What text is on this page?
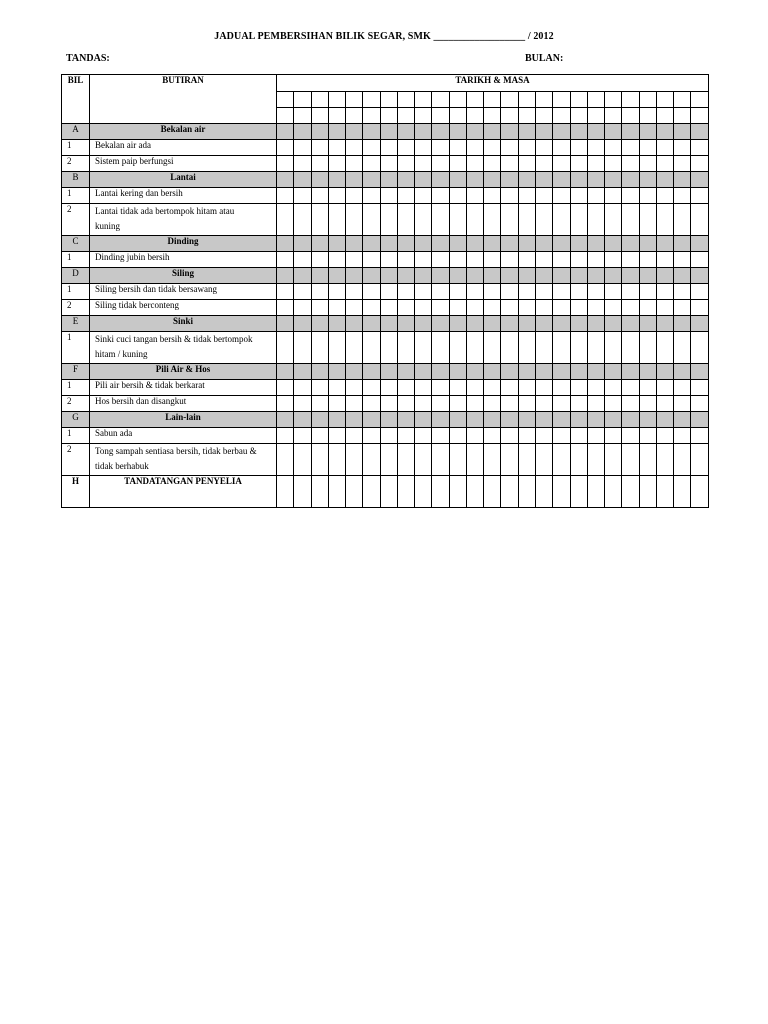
JADUAL PEMBERSIHAN BILIK SEGAR, SMK __________________ / 2012
TANDAS:	BULAN:
BIL	BUTIRAN	TARIKH & MASA																								

A	Bekalan air																									
1	Bekalan air ada																									
2	Sistem paip berfungsi																									
B	Lantai																									
1	Lantai kering dan bersih																									
2	Lantai tidak ada bertompok hitam atau
kuning																									

C	Dinding																									
1	Dinding jubin bersih																									
D	Siling																									
1	Siling bersih dan tidak bersawang																									
2	Siling tidak berconteng																									
E	Sinki																									
1	Sinki cuci tangan bersih & tidak bertompok
hitam / kuning																									

F	Pili Air & Hos																									
1	Pili air bersih & tidak berkarat																									
2	Hos bersih dan disangkut																									
G	Lain-lain																									
1	Sabun ada																									
2	Tong sampah sentiasa bersih, tidak berbau &
tidak berhabuk																									

H	TANDATANGAN PENYELIA																									
